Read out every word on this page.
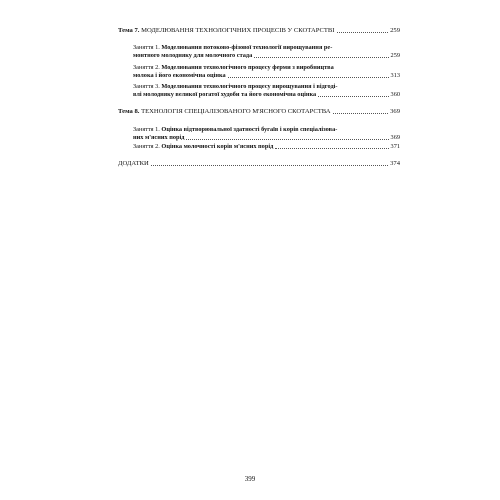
Тема 7. МОДЕЛЮВАННЯ ТЕХНОЛОГІЧНИХ ПРОЦЕСІВ У СКОТАРСТВІ	259
Заняття 1. Моделювання потоково-фізової технології вирощування ре-
монтного молодняку для молочного стада	259
Заняття 2. Моделювання технологічного процесу ферми з виробництва
молока і його економічна оцінка	313
Заняття 3. Моделювання технологічного процесу вирощування і відгоді-
влі молодняку великої рогатої худоби та його економічна оцінка	360
Тема 8. ТЕХНОЛОГІЯ СПЕЦІАЛІЗОВАНОГО М'ЯСНОГО СКОТАРСТВА	369
Заняття 1. Оцінка відтворювальної здатності бугаїв і корів спеціалізова-
них м'ясних порід	369
Заняття 2. Оцінка молочності корів м'ясних порід	371
ДОДАТКИ	374
399
